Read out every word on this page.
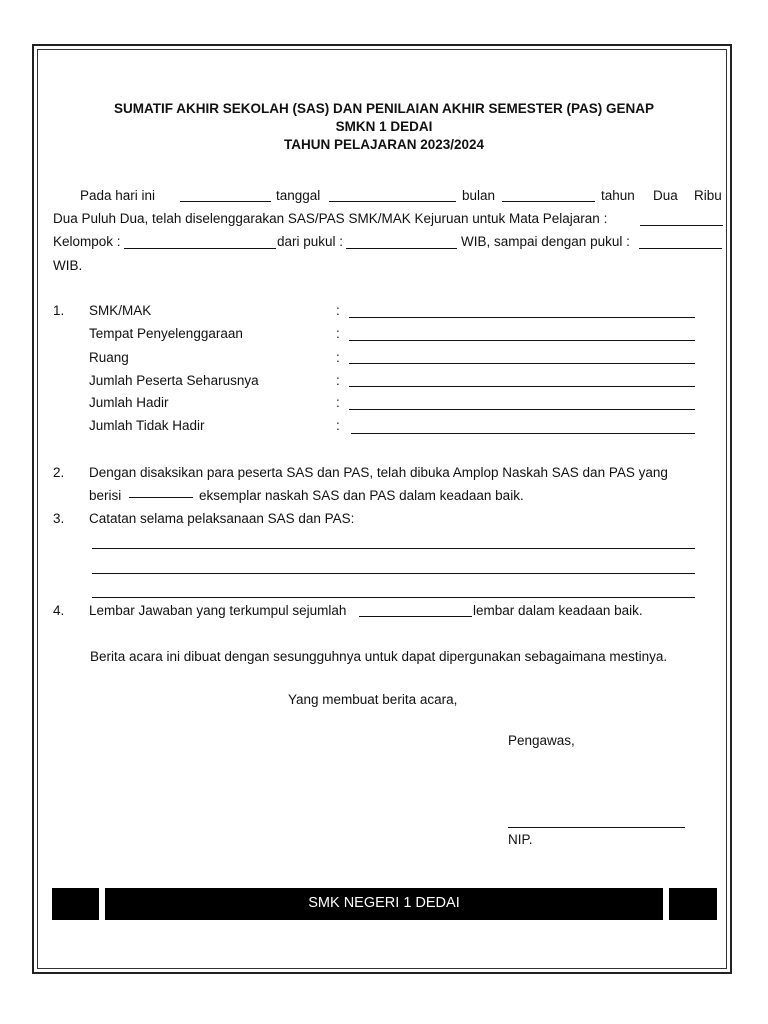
SUMATIF AKHIR SEKOLAH (SAS) DAN PENILAIAN AKHIR SEMESTER (PAS) GENAP
SMKN 1 DEDAI
TAHUN PELAJARAN 2023/2024
Pada hari ini	tanggal	bulan	tahun Dua Ribu
Dua Puluh Dua, telah diselenggarakan SAS/PAS SMK/MAK Kejuruan untuk Mata Pelajaran :
Kelompok :	dari pukul :	WIB, sampai dengan pukul :
WIB.
1. SMK/MAK	:
Tempat Penyelenggaraan	:
Ruang	:
Jumlah Peserta Seharusnya	:
Jumlah Hadir	:
Jumlah Tidak Hadir	:
2. Dengan disaksikan para peserta SAS dan PAS, telah dibuka Amplop Naskah SAS dan PAS yang
berisi	eksemplar naskah SAS dan PAS dalam keadaan baik.
3. Catatan selama pelaksanaan SAS dan PAS:
4. Lembar Jawaban yang terkumpul sejumlah	lembar dalam keadaan baik.
Berita acara ini dibuat dengan sesungguhnya untuk dapat dipergunakan sebagaimana mestinya.
Yang membuat berita acara,
Pengawas,
NIP.
SMK NEGERI 1 DEDAI
